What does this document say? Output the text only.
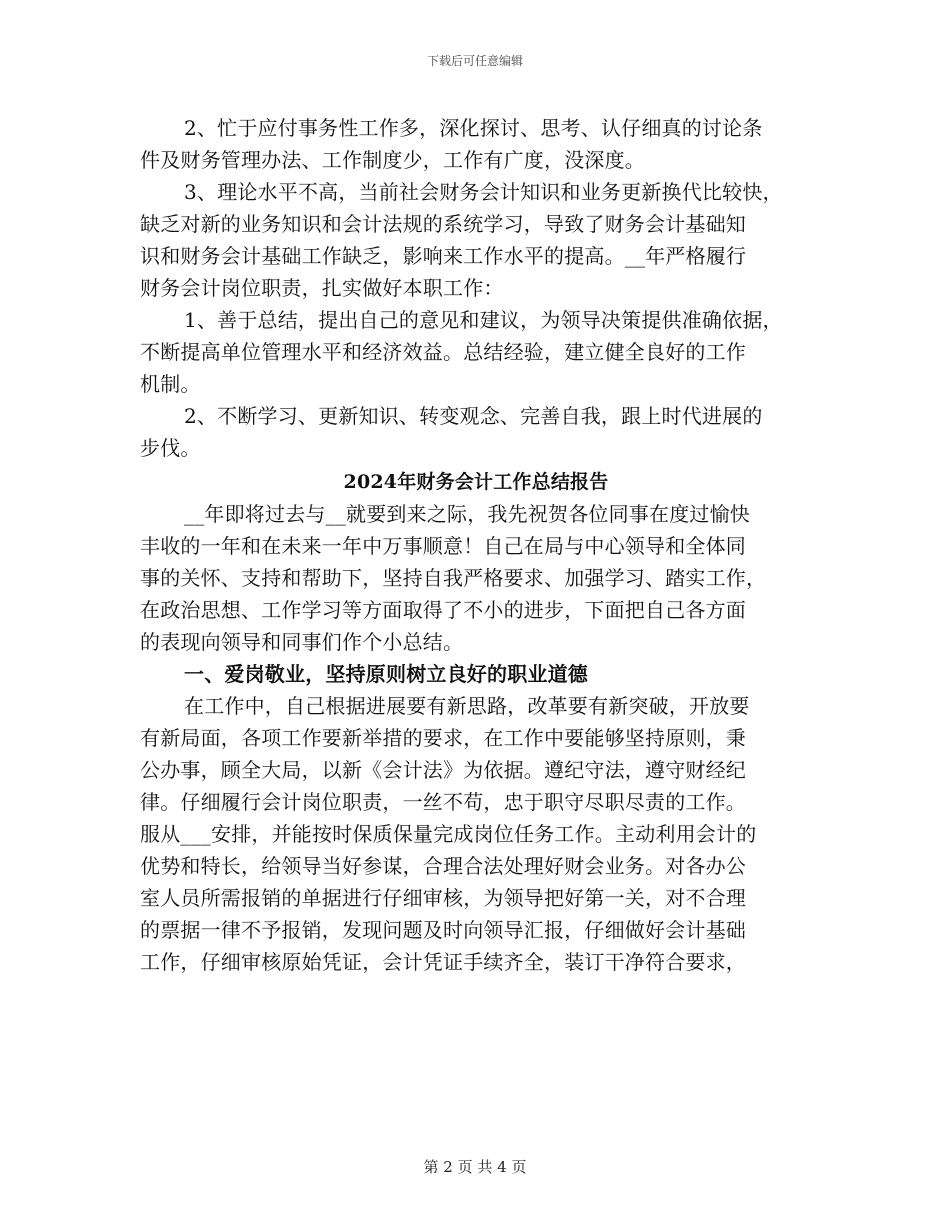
下载后可任意编辑
2、忙于应付事务性工作多，深化探讨、思考、认仔细真的讨论条
件及财务管理办法、工作制度少，工作有广度，没深度。
3、理论水平不高，当前社会财务会计知识和业务更新换代比较快，
缺乏对新的业务知识和会计法规的系统学习，导致了财务会计基础知
识和财务会计基础工作缺乏，影响来工作水平的提高。__年严格履行
财务会计岗位职责，扎实做好本职工作：
1、善于总结，提出自己的意见和建议，为领导决策提供准确依据，
不断提高单位管理水平和经济效益。总结经验，建立健全良好的工作
机制。
2、不断学习、更新知识、转变观念、完善自我，跟上时代进展的
步伐。
2024年财务会计工作总结报告
__年即将过去与__就要到来之际，我先祝贺各位同事在度过愉快
丰收的一年和在未来一年中万事顺意！自己在局与中心领导和全体同
事的关怀、支持和帮助下，坚持自我严格要求、加强学习、踏实工作，
在政治思想、工作学习等方面取得了不小的进步，下面把自己各方面
的表现向领导和同事们作个小总结。
一、爱岗敬业，坚持原则树立良好的职业道德
在工作中，自己根据进展要有新思路，改革要有新突破，开放要
有新局面，各项工作要新举措的要求，在工作中要能够坚持原则，秉
公办事，顾全大局，以新《会计法》为依据。遵纪守法，遵守财经纪
律。仔细履行会计岗位职责，一丝不苟，忠于职守尽职尽责的工作。
服从___安排，并能按时保质保量完成岗位任务工作。主动利用会计的
优势和特长，给领导当好参谋，合理合法处理好财会业务。对各办公
室人员所需报销的单据进行仔细审核，为领导把好第一关，对不合理
的票据一律不予报销，发现问题及时向领导汇报，仔细做好会计基础
工作，仔细审核原始凭证，会计凭证手续齐全，装订干净符合要求，
第 2 页 共 4 页
